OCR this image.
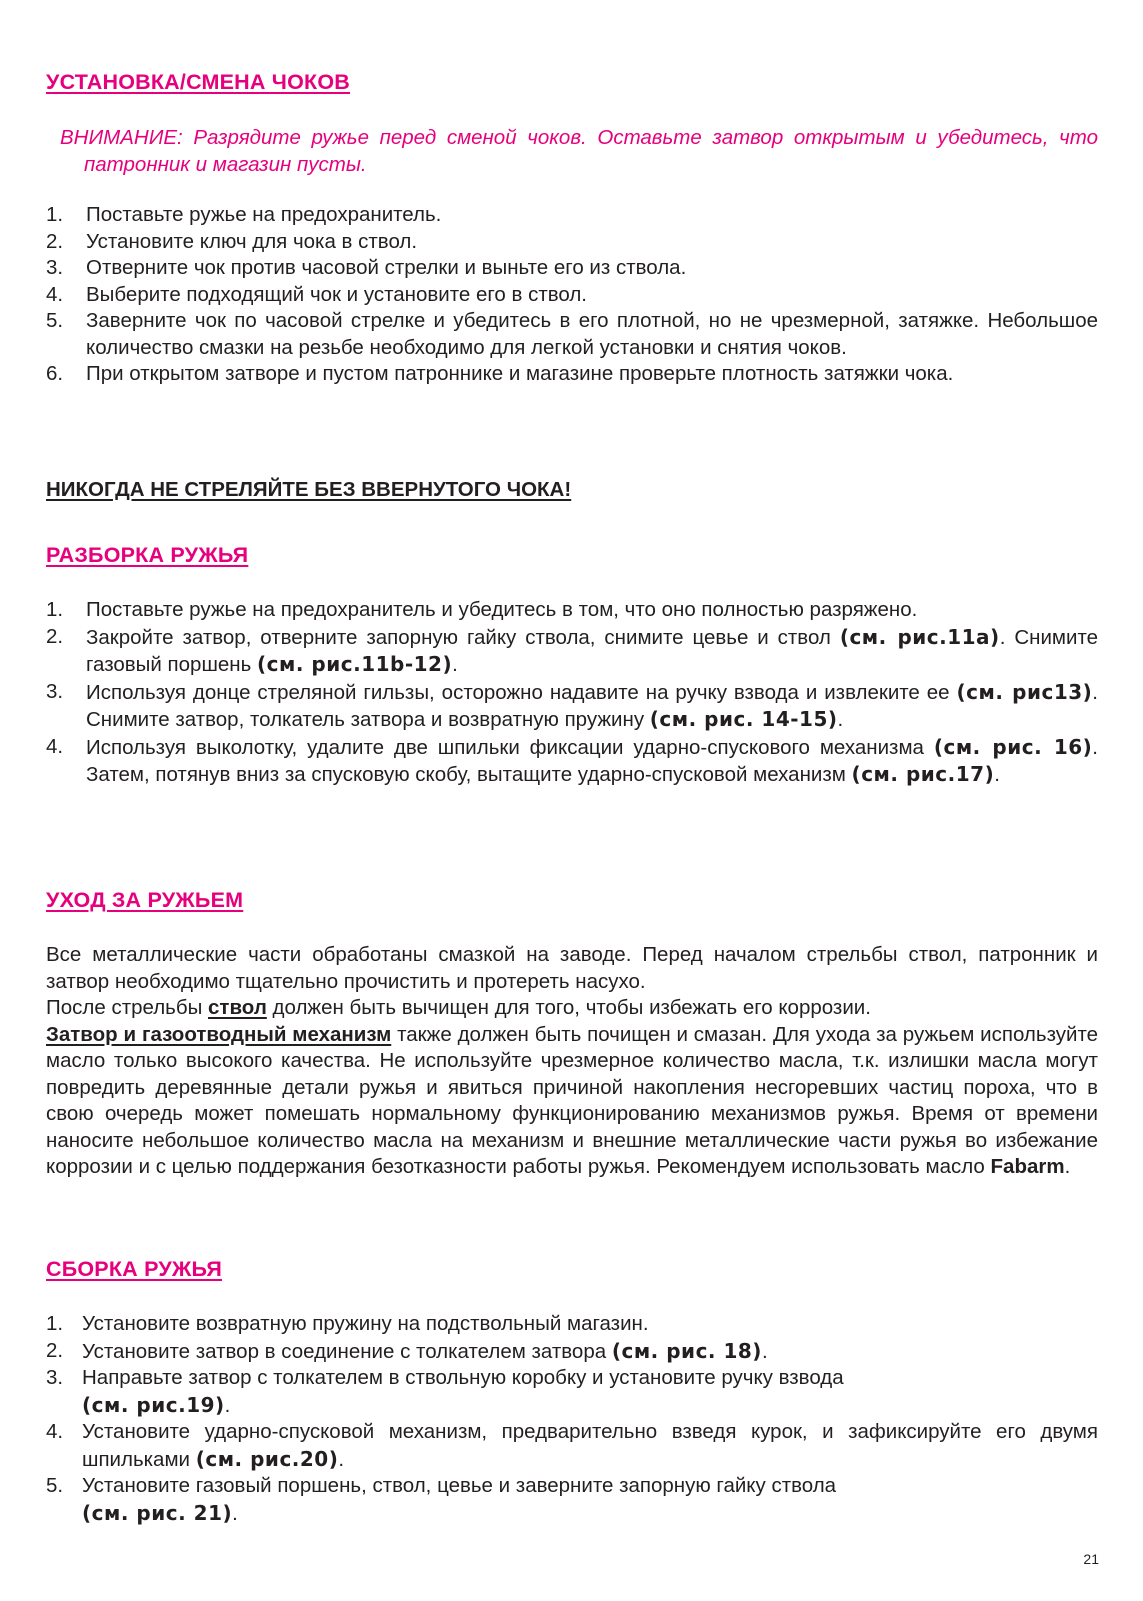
УСТАНОВКА/СМЕНА ЧОКОВ
ВНИМАНИЕ: Разрядите ружье перед сменой чоков. Оставьте затвор открытым и убедитесь, что патронник и магазин пусты.
1. Поставьте ружье на предохранитель.
2. Установите ключ для чока в ствол.
3. Отверните чок против часовой стрелки и выньте его из ствола.
4. Выберите подходящий чок и установите его в ствол.
5. Заверните чок по часовой стрелке и убедитесь в его плотной, но не чрезмерной, затяжке. Небольшое количество смазки на резьбе необходимо для легкой установки и снятия чоков.
6. При открытом затворе и пустом патроннике и магазине проверьте плотность затяжки чока.
НИКОГДА НЕ СТРЕЛЯЙТЕ БЕЗ ВВЕРНУТОГО ЧОКА!
РАЗБОРКА РУЖЬЯ
1. Поставьте ружье на предохранитель и убедитесь в том, что оно полностью разряжено.
2. Закройте затвор, отверните запорную гайку ствола, снимите цевье и ствол (см. рис.11a). Снимите газовый поршень (см. рис.11b-12).
3. Используя донце стреляной гильзы, осторожно надавите на ручку взвода и извлеките ее (см. рис13). Снимите затвор, толкатель затвора и возвратную пружину (см. рис. 14-15).
4. Используя выколотку, удалите две шпильки фиксации ударно-спускового механизма (см. рис. 16). Затем, потянув вниз за спусковую скобу, вытащите ударно-спусковой механизм (см. рис.17).
УХОД ЗА РУЖЬЕМ

Все металлические части обработаны смазкой на заводе. Перед началом стрельбы ствол, патронник и затвор необходимо тщательно прочистить и протереть насухо.

После стрельбы ствол должен быть вычищен для того, чтобы избежать его коррозии.

Затвор и газоотводный механизм также должен быть почищен и смазан. Для ухода за ружьем используйте масло только высокого качества. Не используйте чрезмерное количество масла, т.к. излишки масла могут повредить деревянные детали ружья и явиться причиной накопления несгоревших частиц пороха, что в свою очередь может помешать нормальному функционированию механизмов ружья. Время от времени наносите небольшое количество масла на механизм и внешние металлические части ружья во избежание коррозии и с целью поддержания безотказности работы ружья. Рекомендуем использовать масло Fabarm.

СБОРКА РУЖЬЯ
1. Установите возвратную пружину на подствольный магазин.
2. Установите затвор в соединение с толкателем затвора (см. рис. 18).
3. Направьте затвор с толкателем в ствольную коробку и установите ручку взвода
(см. рис.19).
4. Установите ударно-спусковой механизм, предварительно взведя курок, и зафиксируйте его двумя шпильками (см. рис.20).
5. Установите газовый поршень, ствол, цевье и заверните запорную гайку ствола
(см. рис. 21).
21
